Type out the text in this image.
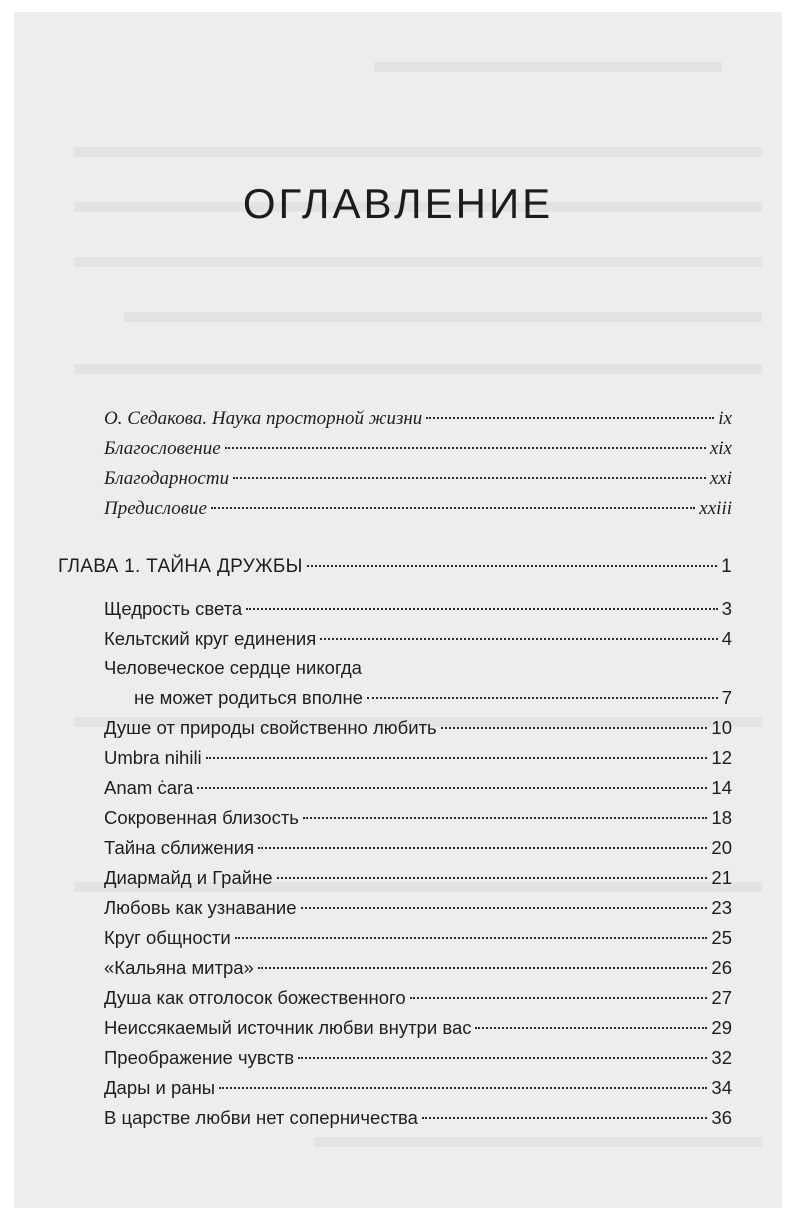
ОГЛАВЛЕНИЕ
О. Седакова. Наука просторной жизни	ix
Благословение	xix
Благодарности	xxi
Предисловие	xxiii
ГЛАВА 1. ТАЙНА ДРУЖБЫ	1
Щедрость света	3
Кельтский круг единения	4
Человеческое сердце никогда
не может родиться вполне	7
Душе от природы свойственно любить	10
Umbra nihili	12
Anam ċara	14
Сокровенная близость	18
Тайна сближения	20
Диармайд и Грайне	21
Любовь как узнавание	23
Круг общности	25
«Кальяна митра»	26
Душа как отголосок божественного	27
Неиссякаемый источник любви внутри вас	29
Преображение чувств	32
Дары и раны	34
В царстве любви нет соперничества	36
